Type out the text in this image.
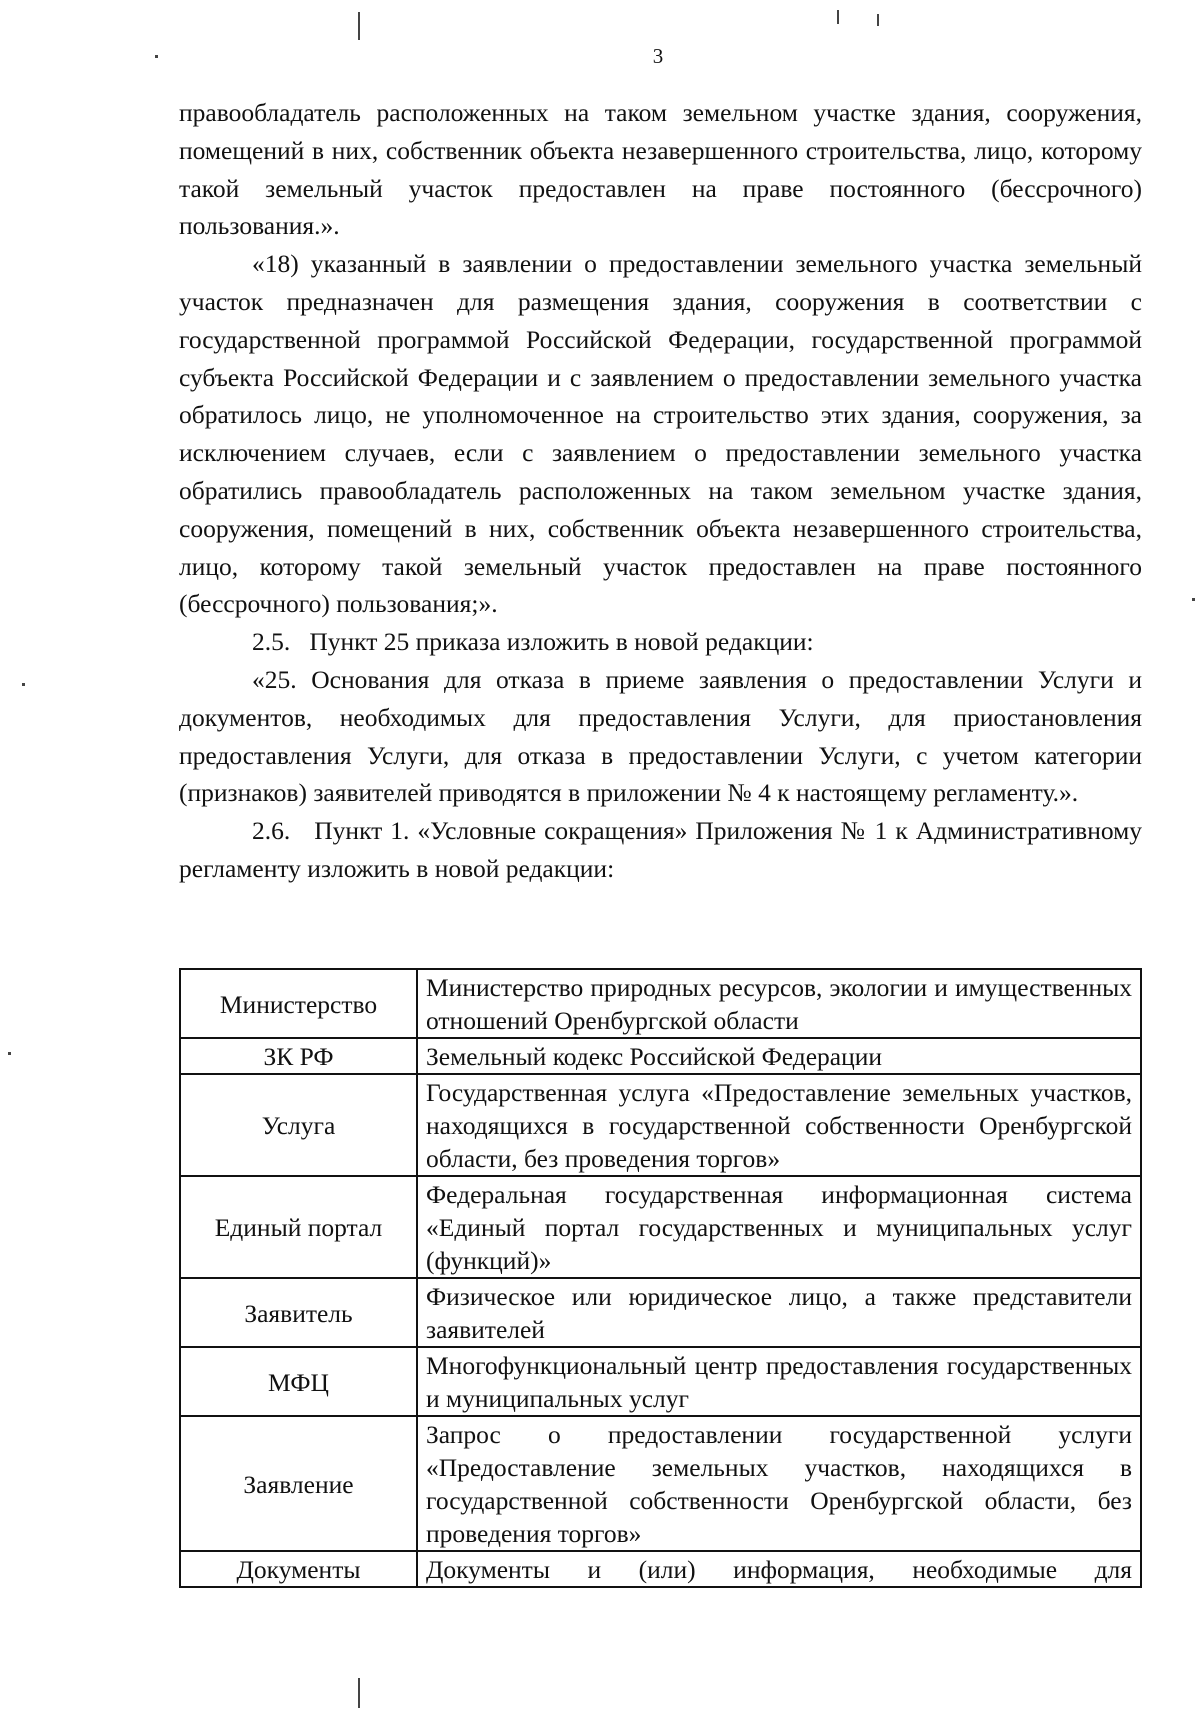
3

правообладатель расположенных на таком земельном участке здания, сооружения, помещений в них, собственник объекта незавершенного строительства, лицо, которому такой земельный участок предоставлен на праве постоянного (бессрочного) пользования.».

«18) указанный в заявлении о предоставлении земельного участка земельный участок предназначен для размещения здания, сооружения в соответствии с государственной программой Российской Федерации, государственной программой субъекта Российской Федерации и с заявлением о предоставлении земельного участка обратилось лицо, не уполномоченное на строительство этих здания, сооружения, за исключением случаев, если с заявлением о предоставлении земельного участка обратились правообладатель расположенных на таком земельном участке здания, сооружения, помещений в них, собственник объекта незавершенного строительства, лицо, которому такой земельный участок предоставлен на праве постоянного (бессрочного) пользования;».

2.5.   Пункт 25 приказа изложить в новой редакции:

«25. Основания для отказа в приеме заявления о предоставлении Услуги и документов, необходимых для предоставления Услуги, для приостановления предоставления Услуги, для отказа в предоставлении Услуги, с учетом категории (признаков) заявителей приводятся в приложении № 4 к настоящему регламенту.».

2.6.   Пункт 1. «Условные сокращения» Приложения № 1 к Административному регламенту изложить в новой редакции:

Министерство	Министерство природных ресурсов, экологии и имущественных отношений Оренбургской области
ЗК РФ	Земельный кодекс Российской Федерации
Услуга	Государственная услуга «Предоставление земельных участков, находящихся в государственной собственности Оренбургской области, без проведения торгов»
Единый портал	Федеральная государственная информационная система «Единый портал государственных и муниципальных услуг (функций)»
Заявитель	Физическое или юридическое лицо, а также представители заявителей
МФЦ	Многофункциональный центр предоставления государственных и муниципальных услуг
Заявление	Запрос о предоставлении государственной услуги «Предоставление земельных участков, находящихся в государственной собственности Оренбургской области, без проведения торгов»
Документы	Документы и (или) информация, необходимые для
